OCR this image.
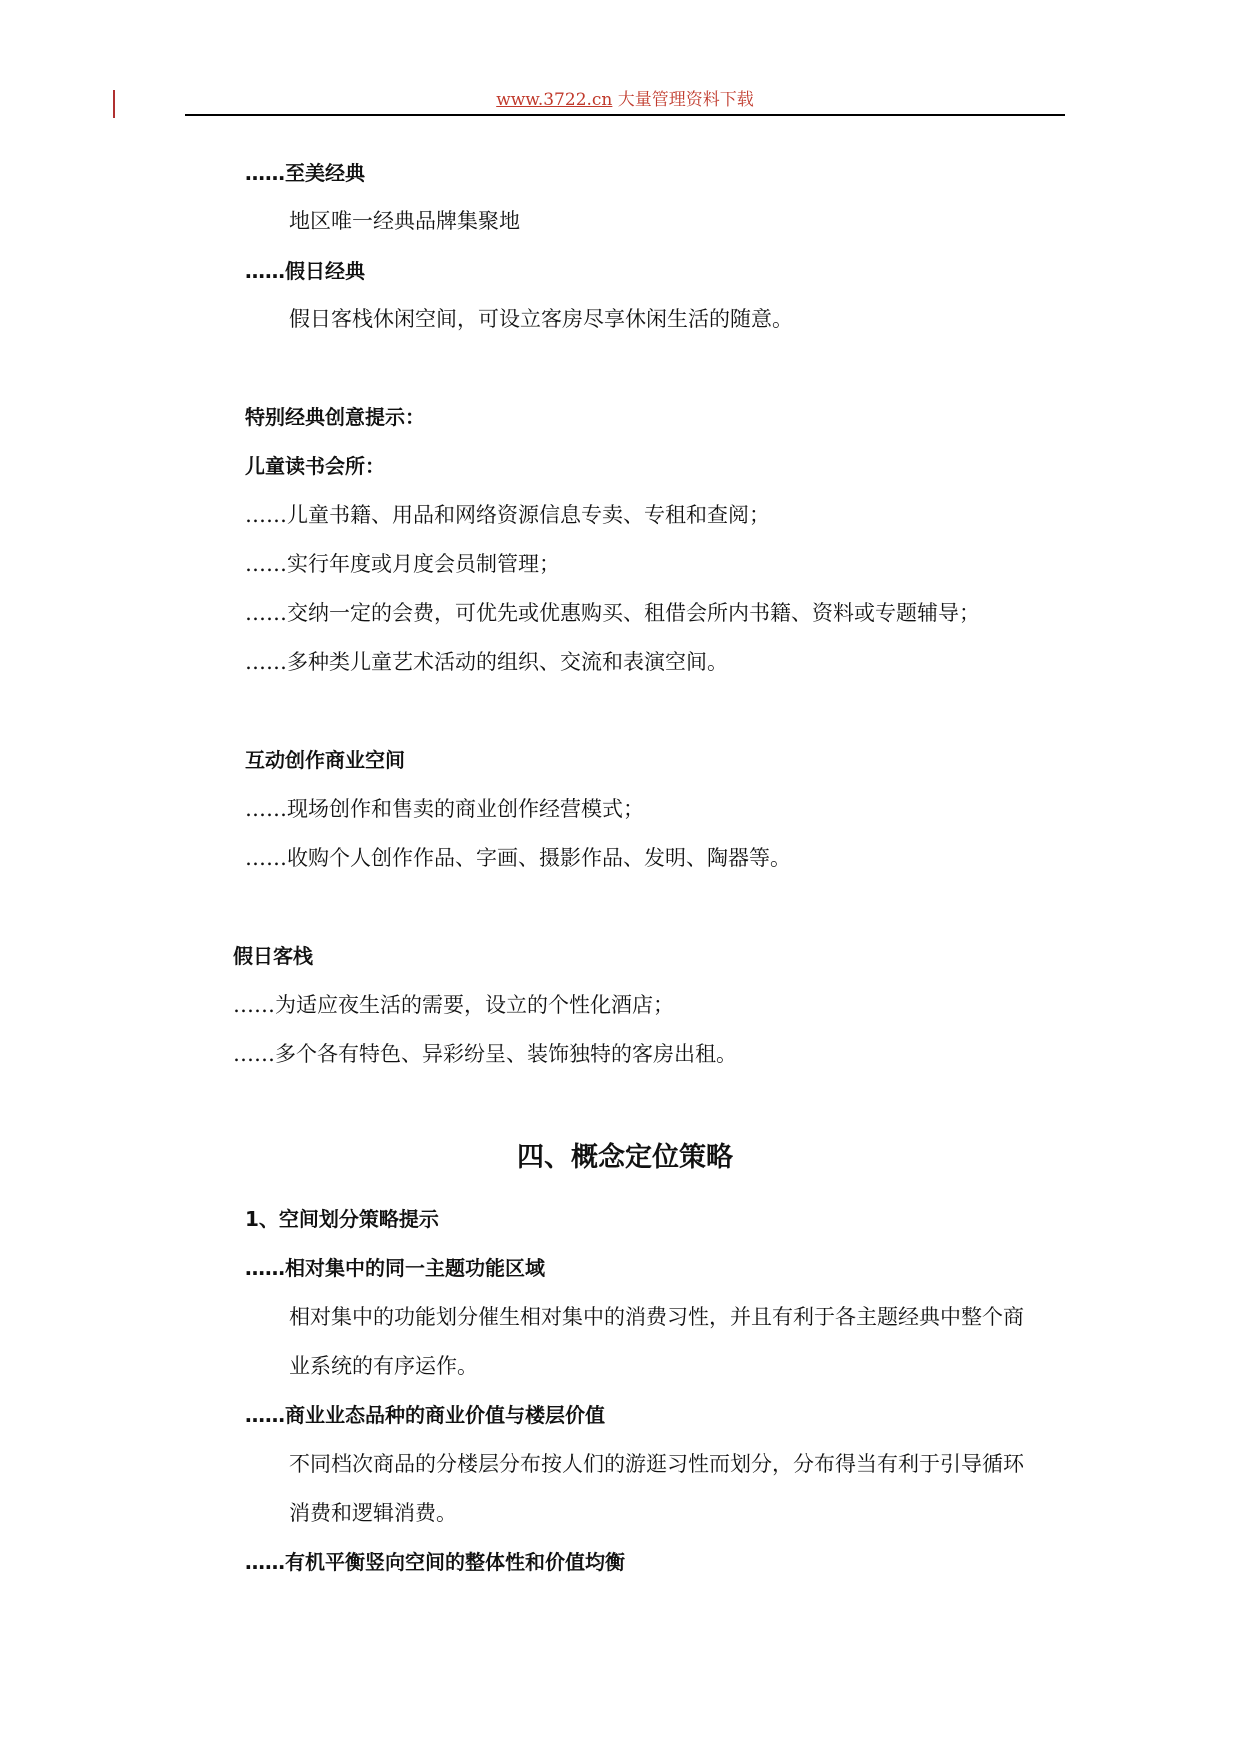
www.3722.cn 大量管理资料下载
……至美经典
地区唯一经典品牌集聚地
……假日经典
假日客栈休闲空间，可设立客房尽享休闲生活的随意。
特别经典创意提示：
儿童读书会所：
……儿童书籍、用品和网络资源信息专卖、专租和查阅；
……实行年度或月度会员制管理；
……交纳一定的会费，可优先或优惠购买、租借会所内书籍、资料或专题辅导；
……多种类儿童艺术活动的组织、交流和表演空间。
互动创作商业空间
……现场创作和售卖的商业创作经营模式；
……收购个人创作作品、字画、摄影作品、发明、陶器等。
假日客栈
……为适应夜生活的需要，设立的个性化酒店；
……多个各有特色、异彩纷呈、装饰独特的客房出租。
四、概念定位策略
1、空间划分策略提示
……相对集中的同一主题功能区域
相对集中的功能划分催生相对集中的消费习性，并且有利于各主题经典中整个商
业系统的有序运作。
……商业业态品种的商业价值与楼层价值
不同档次商品的分楼层分布按人们的游逛习性而划分，分布得当有利于引导循环
消费和逻辑消费。
……有机平衡竖向空间的整体性和价值均衡
